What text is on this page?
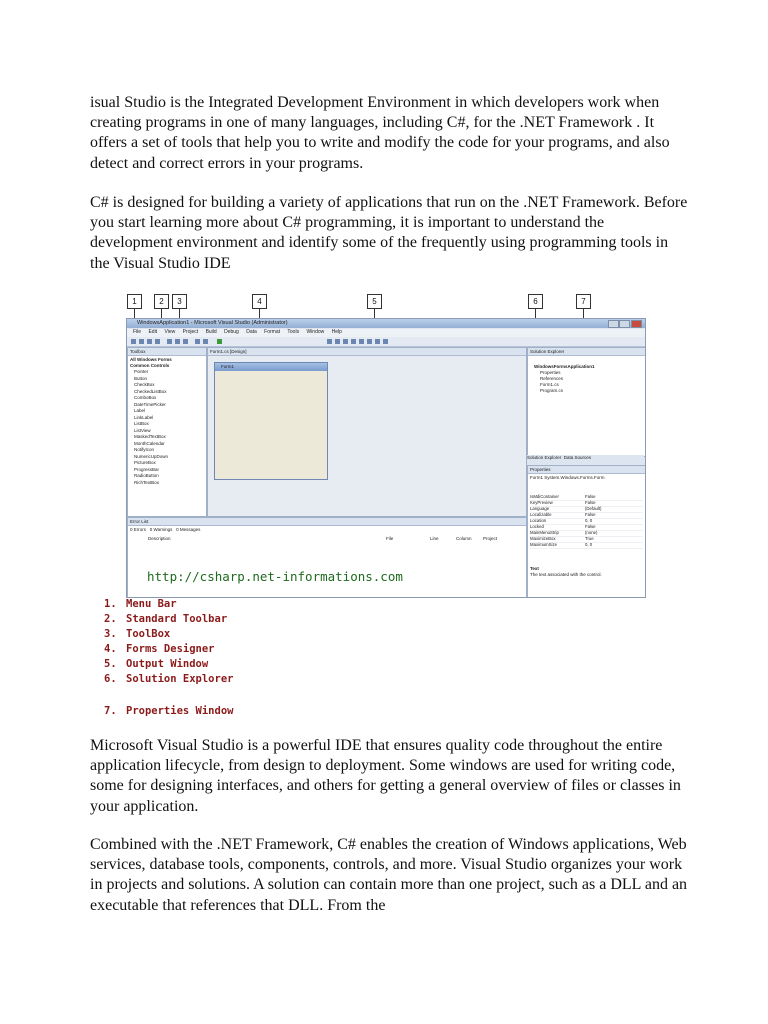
isual Studio is the Integrated Development Environment in which developers work when creating programs in one of many languages, including C#, for the .NET Framework . It offers a set of tools that help you to write and modify the code for your programs, and also detect and correct errors in your programs.

C# is designed for building a variety of applications that run on the .NET Framework. Before you start learning more about C# programming, it is important to understand the development environment and identify some of the frequently using programming tools in the Visual Studio IDE

1	2	3	4	5	6	7
WindowsApplication1 - Microsoft Visual Studio (Administrator)
File Edit View Project Build Debug Data Format Tools Window Help
Toolbox
All Windows Forms
Common Controls
Pointer
Button
CheckBox
CheckedListBox
ComboBox
DateTimePicker
Label
LinkLabel
ListBox
ListView
MaskedTextBox
MonthCalendar
NotifyIcon
NumericUpDown
PictureBox
ProgressBar
RadioButton
RichTextBox
Form1.cs [Design]
Form1
Error List
0 Errors 0 Warnings 0 Messages
Description	File	Line	Column	Project
Solution Explorer
WindowsFormsApplication1
Properties
References
Form1.cs
Program.cs
Solution Explorer Data Sources
Properties
Form1 System.Windows.Forms.Form
IsMdiContainer	False
KeyPreview	False
Language	(Default)
Localizable	False
Location	0, 0
Locked	False
MainMenuStrip	(none)
MaximizeBox	True
MaximumSize	0, 0
Text
The text associated with the control.
http://csharp.net-informations.com
1. Menu Bar
2. Standard Toolbar
3. ToolBox
4. Forms Designer
5. Output Window
6. Solution Explorer
7. Properties Window

Microsoft Visual Studio is a powerful IDE that ensures quality code throughout the entire application lifecycle, from design to deployment. Some windows are used for writing code, some for designing interfaces, and others for getting a general overview of files or classes in your application.

Combined with the .NET Framework, C# enables the creation of Windows applications, Web services, database tools, components, controls, and more. Visual Studio organizes your work in projects and solutions. A solution can contain more than one project, such as a DLL and an executable that references that DLL. From the
